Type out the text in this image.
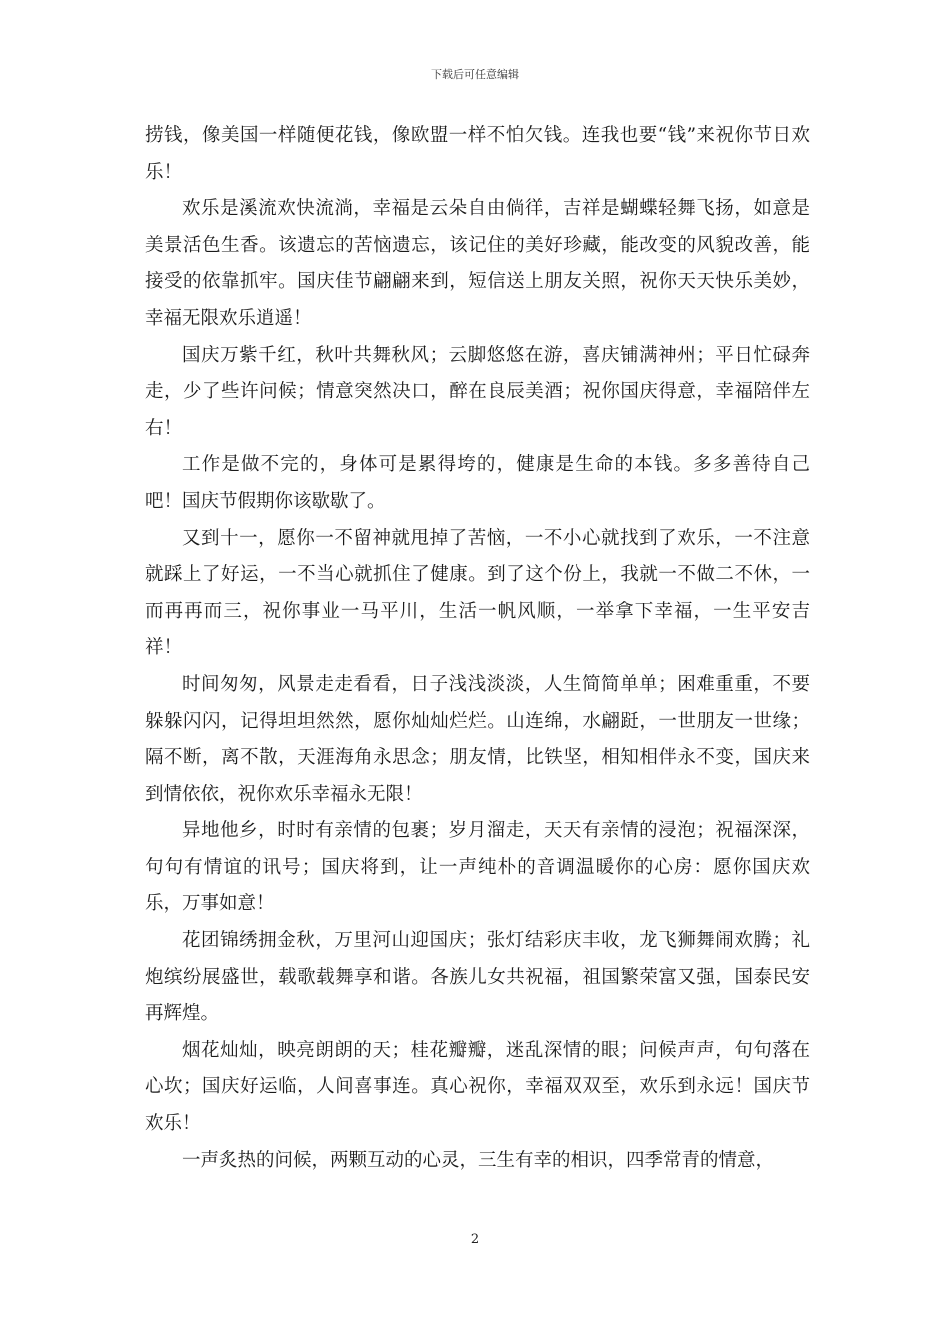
下载后可任意编辑

捞钱，像美国一样随便花钱，像欧盟一样不怕欠钱。连我也要“钱”来祝你节日欢乐！

欢乐是溪流欢快流淌，幸福是云朵自由倘徉，吉祥是蝴蝶轻舞飞扬，如意是美景活色生香。该遗忘的苦恼遗忘，该记住的美好珍藏，能改变的风貌改善，能接受的依靠抓牢。国庆佳节翩翩来到，短信送上朋友关照，祝你天天快乐美妙，幸福无限欢乐逍遥！

国庆万紫千红，秋叶共舞秋风；云脚悠悠在游，喜庆铺满神州；平日忙碌奔走，少了些许问候；情意突然决口，醉在良辰美酒；祝你国庆得意，幸福陪伴左右！

工作是做不完的，身体可是累得垮的，健康是生命的本钱。多多善待自己吧！国庆节假期你该歇歇了。

又到十一，愿你一不留神就甩掉了苦恼，一不小心就找到了欢乐，一不注意就踩上了好运，一不当心就抓住了健康。到了这个份上，我就一不做二不休，一而再再而三，祝你事业一马平川，生活一帆风顺，一举拿下幸福，一生平安吉祥！

时间匆匆，风景走走看看，日子浅浅淡淡，人生简简单单；困难重重，不要躲躲闪闪，记得坦坦然然，愿你灿灿烂烂。山连绵，水翩跹，一世朋友一世缘；隔不断，离不散，天涯海角永思念；朋友情，比铁坚，相知相伴永不变，国庆来到情依依，祝你欢乐幸福永无限！

异地他乡，时时有亲情的包裹；岁月溜走，天天有亲情的浸泡；祝福深深，句句有情谊的讯号；国庆将到，让一声纯朴的音调温暖你的心房：愿你国庆欢乐，万事如意！

花团锦绣拥金秋，万里河山迎国庆；张灯结彩庆丰收，龙飞狮舞闹欢腾；礼炮缤纷展盛世，载歌载舞享和谐。各族儿女共祝福，祖国繁荣富又强，国泰民安再辉煌。

烟花灿灿，映亮朗朗的天；桂花瓣瓣，迷乱深情的眼；问候声声，句句落在心坎；国庆好运临，人间喜事连。真心祝你，幸福双双至，欢乐到永远！国庆节欢乐！

一声炙热的问候，两颗互动的心灵，三生有幸的相识，四季常青的情意，

2
